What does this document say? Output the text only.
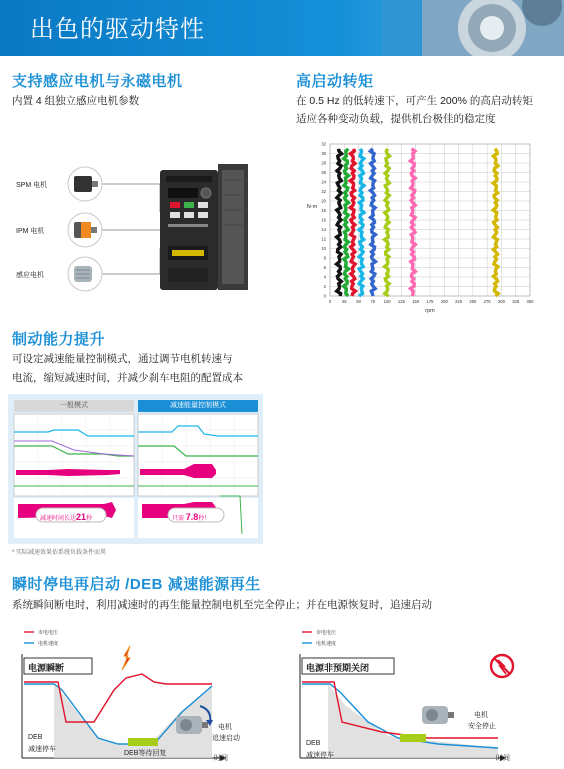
出色的驱动特性
支持感应电机与永磁电机
内置 4 组独立感应电机参数
SPM 电机
IPM 电机
感应电机
高启动转矩
在 0.5 Hz 的低转速下，可产生 200% 的高启动转矩
适应各种变动负载，提供机台极佳的稳定度
32
30
28
26
24
22
20
18
16
14
12
10
8
6
4
2
0
0	25 50 75 100 125 150 175 200 225 250 275 300 325 350
N-m
rpm
制动能力提升
可设定减速能量控制模式，通过调节电机转速与
电流，缩短减速时间，并减少刹车电阻的配置成本
一般模式	减速能量控制模式
减速时间长达21秒	只需 7.8秒！
* 实际减速效果依系统负载条件而異
瞬时停电再启动 /DEB 减速能源再生
系统瞬间断电时，利用减速时的再生能量控制电机至完全停止；并在电源恢复时，追速启动
市电电压
电机速度
电源瞬断
DEB
减速停车
DEB等待回复
电机
追速启动
时间
市电电压
电机速度
电源非预期关闭
DEB
减速停车
电机
安全停止
时间
